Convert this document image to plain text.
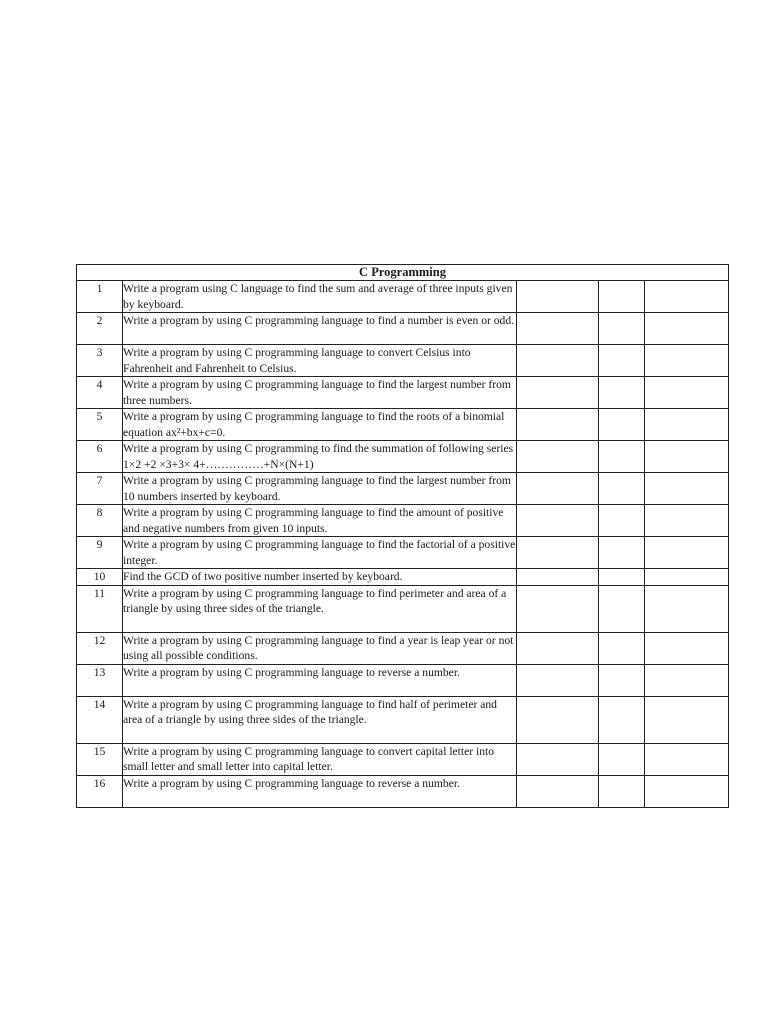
C Programming				
1	Write a program using C language to find the sum and average of three inputs given by keyboard.			
2	Write a program by using C programming language to find a number is even or odd.			
3	Write a program by using C programming language to convert Celsius into Fahrenheit and Fahrenheit to Celsius.			
4	Write a program by using C programming language to find the largest number from three numbers.			
5	Write a program by using C programming language to find the roots of a binomial equation ax²+bx+c=0.			
6	Write a program by using C programming to find the summation of following series 1×2 +2 ×3+3× 4+……………+N×(N+1)			
7	Write a program by using C programming language to find the largest number from 10 numbers inserted by keyboard.			
8	Write a program by using C programming language to find the amount of positive and negative numbers from given 10 inputs.			
9	Write a program by using C programming language to find the factorial of a positive integer.			
10	Find the GCD of two positive number inserted by keyboard.			
11	Write a program by using C programming language to find perimeter and area of a triangle by using three sides of the triangle.			
12	Write a program by using C programming language to find a year is leap year or not using all possible conditions.			
13	Write a program by using C programming language to reverse a number.			
14	Write a program by using C programming language to find half of perimeter and area of a triangle by using three sides of the triangle.			
15	Write a program by using C programming language to convert capital letter into small letter and small letter into capital letter.			
16	Write a program by using C programming language to reverse a number.			
